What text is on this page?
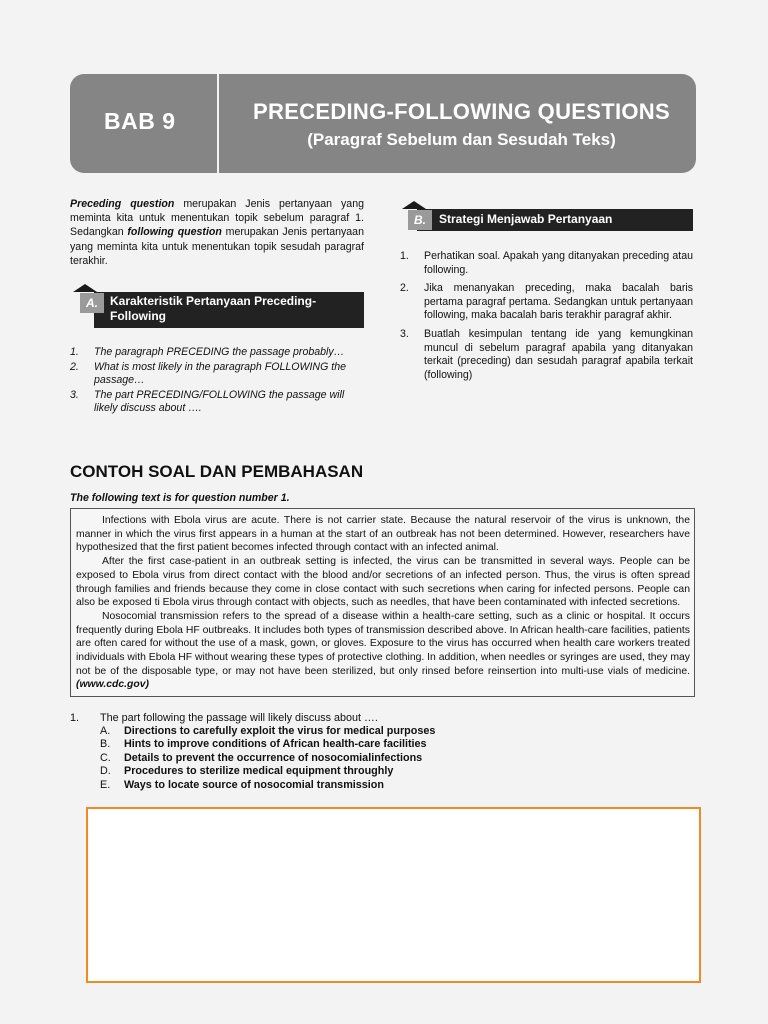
BAB 9	PRECEDING-FOLLOWING QUESTIONS
(Paragraf Sebelum dan Sesudah Teks)
Preceding question merupakan Jenis pertanyaan yang meminta kita untuk menentukan topik sebelum paragraf 1. Sedangkan following question merupakan Jenis pertanyaan yang meminta kita untuk menentukan topik sesudah paragraf terakhir.
Karakteristik Pertanyaan Preceding-Following
A.
1. The paragraph PRECEDING the passage probably…
2. What is most likely in the paragraph FOLLOWING the passage…
3. The part PRECEDING/FOLLOWING the passage will likely discuss about ….
Strategi Menjawab Pertanyaan
B.
1. Perhatikan soal. Apakah yang ditanyakan preceding atau following.
2. Jika menanyakan preceding, maka bacalah baris pertama paragraf pertama. Sedangkan untuk pertanyaan following, maka bacalah baris terakhir paragraf akhir.
3. Buatlah kesimpulan tentang ide yang kemungkinan muncul di sebelum paragraf apabila yang ditanyakan terkait (preceding) dan sesudah paragraf apabila terkait (following)
CONTOH SOAL DAN PEMBAHASAN
The following text is for question number 1.

Infections with Ebola virus are acute. There is not carrier state. Because the natural reservoir of the virus is unknown, the manner in which the virus first appears in a human at the start of an outbreak has not been determined. However, researchers have hypothesized that the first patient becomes infected through contact with an infected animal.

After the first case-patient in an outbreak setting is infected, the virus can be transmitted in several ways. People can be exposed to Ebola virus from direct contact with the blood and/or secretions of an infected person. Thus, the virus is often spread through families and friends because they come in close contact with such secretions when caring for infected persons. People can also be exposed ti Ebola virus through contact with objects, such as needles, that have been contaminated with infected secretions.

Nosocomial transmission refers to the spread of a disease within a health-care setting, such as a clinic or hospital. It occurs frequently during Ebola HF outbreaks. It includes both types of transmission described above. In African health-care facilities, patients are often cared for without the use of a mask, gown, or gloves. Exposure to the virus has occurred when health care workers treated individuals with Ebola HF without wearing these types of protective clothing. In addition, when needles or syringes are used, they may not be of the disposable type, or may not have been sterilized, but only rinsed before reinsertion into multi-use vials of medicine. (www.cdc.gov)

1. The part following the passage will likely discuss about ….
A. Directions to carefully exploit the virus for medical purposes
B. Hints to improve conditions of African health-care facilities
C. Details to prevent the occurrence of nosocomialinfections
D. Procedures to sterilize medical equipment throughly
E. Ways to locate source of nosocomial transmission
